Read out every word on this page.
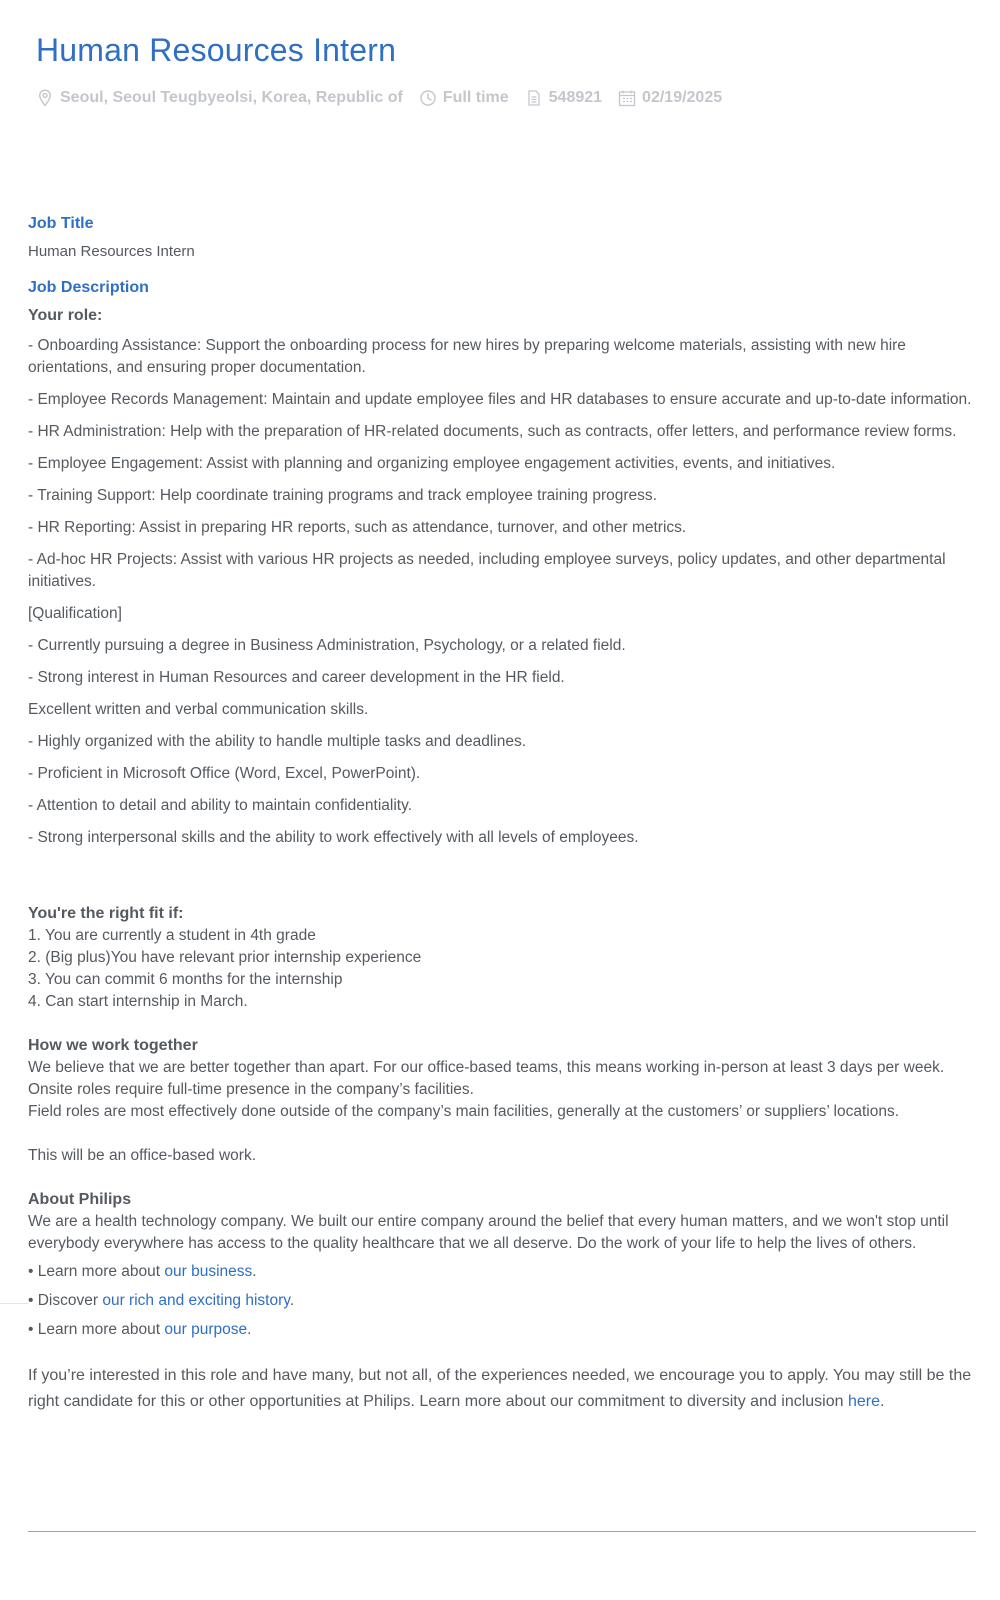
Human Resources Intern
Seoul, Seoul Teugbyeolsi, Korea, Republic of	Full time	548921	02/19/2025
Job Title

Human Resources Intern

Job Description

Your role:

- Onboarding Assistance: Support the onboarding process for new hires by preparing welcome materials, assisting with new hire orientations, and ensuring proper documentation.

- Employee Records Management: Maintain and update employee files and HR databases to ensure accurate and up-to-date information.

- HR Administration: Help with the preparation of HR-related documents, such as contracts, offer letters, and performance review forms.

- Employee Engagement: Assist with planning and organizing employee engagement activities, events, and initiatives.

- Training Support: Help coordinate training programs and track employee training progress.

- HR Reporting: Assist in preparing HR reports, such as attendance, turnover, and other metrics.

- Ad-hoc HR Projects: Assist with various HR projects as needed, including employee surveys, policy updates, and other departmental initiatives.

[Qualification]

- Currently pursuing a degree in Business Administration, Psychology, or a related field.

- Strong interest in Human Resources and career development in the HR field.

Excellent written and verbal communication skills.

- Highly organized with the ability to handle multiple tasks and deadlines.

- Proficient in Microsoft Office (Word, Excel, PowerPoint).

- Attention to detail and ability to maintain confidentiality.

- Strong interpersonal skills and the ability to work effectively with all levels of employees.

You're the right fit if:

1. You are currently a student in 4th grade

2. (Big plus)You have relevant prior internship experience

3. You can commit 6 months for the internship

4. Can start internship in March.

How we work together

We believe that we are better together than apart. For our office-based teams, this means working in-person at least 3 days per week.

Onsite roles require full-time presence in the company’s facilities.

Field roles are most effectively done outside of the company’s main facilities, generally at the customers’ or suppliers’ locations.

This will be an office-based work.

About Philips

We are a health technology company. We built our entire company around the belief that every human matters, and we won't stop until everybody everywhere has access to the quality healthcare that we all deserve. Do the work of your life to help the lives of others.

• Learn more about our business.

• Discover our rich and exciting history.

• Learn more about our purpose.

If you’re interested in this role and have many, but not all, of the experiences needed, we encourage you to apply. You may still be the right candidate for this or other opportunities at Philips. Learn more about our commitment to diversity and inclusion here.
